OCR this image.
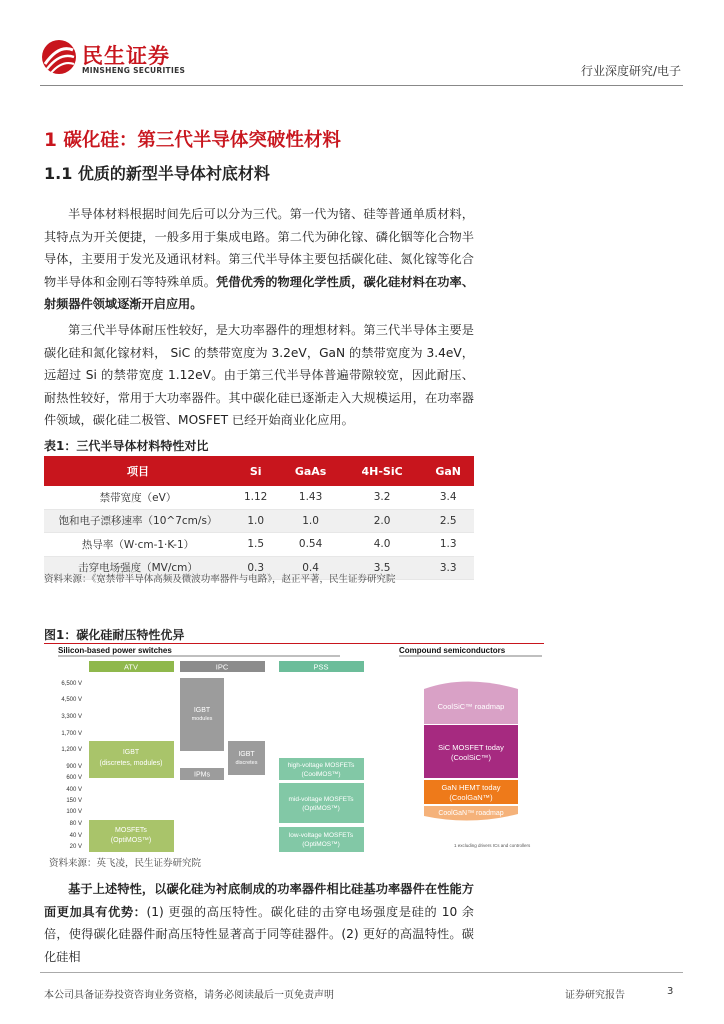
民生证券
MINSHENG SECURITIES	行业深度研究/电子
1 碳化硅：第三代半导体突破性材料
1.1 优质的新型半导体衬底材料
半导体材料根据时间先后可以分为三代。第一代为锗、硅等普通单质材料，其特点为开关便捷，一般多用于集成电路。第二代为砷化镓、磷化铟等化合物半导体，主要用于发光及通讯材料。第三代半导体主要包括碳化硅、氮化镓等化合物半导体和金刚石等特殊单质。凭借优秀的物理化学性质，碳化硅材料在功率、射频器件领域逐渐开启应用。
第三代半导体耐压性较好，是大功率器件的理想材料。第三代半导体主要是碳化硅和氮化镓材料， SiC 的禁带宽度为 3.2eV，GaN 的禁带宽度为 3.4eV，远超过 Si 的禁带宽度 1.12eV。由于第三代半导体普遍带隙较宽，因此耐压、耐热性较好，常用于大功率器件。其中碳化硅已逐渐走入大规模运用，在功率器件领域，碳化硅二极管、MOSFET 已经开始商业化应用。
表1：三代半导体材料特性对比
项目	Si	GaAs	4H-SiC	GaN
禁带宽度（eV）	1.12	1.43	3.2	3.4
饱和电子漂移速率（10^7cm/s）	1.0	1.0	2.0	2.5
热导率（W·cm-1·K-1）	1.5	0.54	4.0	1.3
击穿电场强度（MV/cm）	0.3	0.4	3.5	3.3
资料来源：《宽禁带半导体高频及微波功率器件与电路》，赵正平著，民生证券研究院
图1：碳化硅耐压特性优异
Silicon-based power switches	Compound semiconductors
ATV	IPC	PSS
6,500 V
4,500 V
3,300 V
1,700 V
1,200 V
900 V
600 V
400 V
150 V
100 V
80 V
40 V
20 V
IGBT
(discretes, modules)
MOSFETs
(OptiMOS™)
IGBT
modules
IGBT
discretes
IPMs
high-voltage MOSFETs
(CoolMOS™)
mid-voltage MOSFETs
(OptiMOS™)
low-voltage MOSFETs
(OptiMOS™)
CoolSiC™ roadmap
SiC MOSFET today
(CoolSiC™)
GaN HEMT today
(CoolGaN™)
CoolGaN™ roadmap
1 excluding drivers ICs and controllers
资料来源：英飞凌，民生证券研究院
基于上述特性，以碳化硅为衬底制成的功率器件相比硅基功率器件在性能方面更加具有优势：(1) 更强的高压特性。碳化硅的击穿电场强度是硅的 10 余倍，使得碳化硅器件耐高压特性显著高于同等硅器件。(2) 更好的高温特性。碳化硅相
本公司具备证券投资咨询业务资格，请务必阅读最后一页免责声明	证券研究报告	3
